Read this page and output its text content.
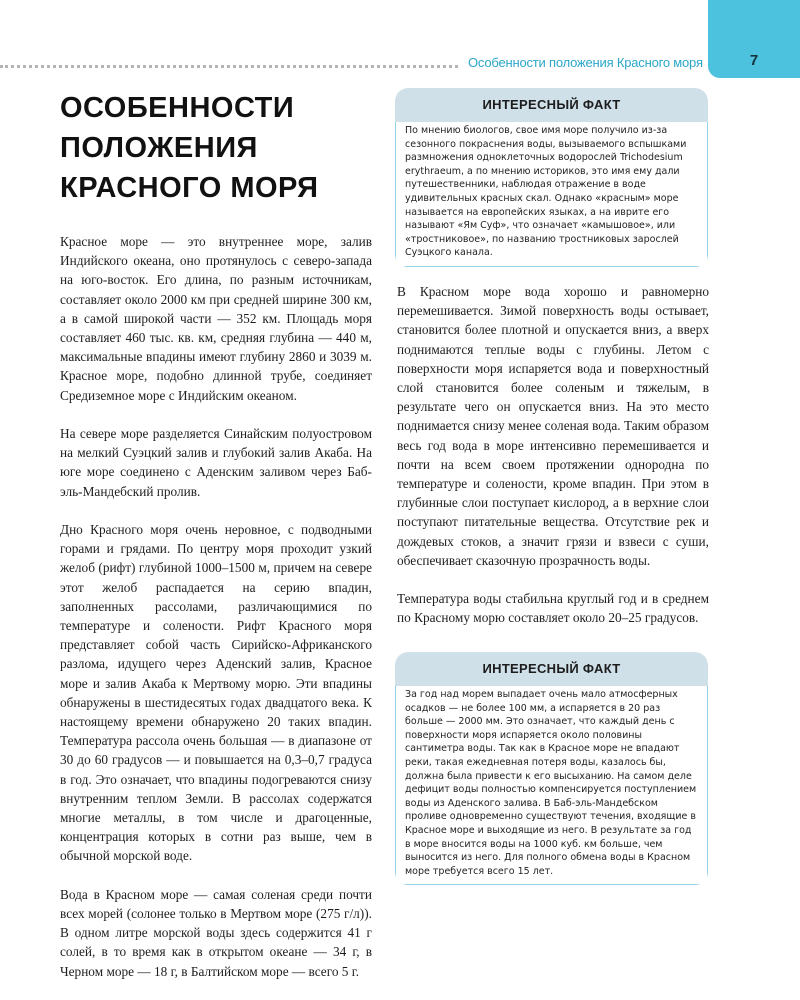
Особенности положения Красного моря	7
ОСОБЕННОСТИ ПОЛОЖЕНИЯ КРАСНОГО МОРЯ

Красное море — это внутреннее море, залив Индийского океана, оно протянулось с северо-запада на юго-восток. Его длина, по разным источникам, составляет около 2000 км при средней ширине 300 км, а в самой широкой части — 352 км. Площадь моря составляет 460 тыс. кв. км, средняя глубина — 440 м, максимальные впадины имеют глубину 2860 и 3039 м. Красное море, подобно длинной трубе, соединяет Средиземное море с Индийским океаном.

На севере море разделяется Синайским полуостровом на мелкий Суэцкий залив и глубокий залив Акаба. На юге море соединено с Аденским заливом через Баб-эль-Мандебский пролив.

Дно Красного моря очень неровное, с подводными горами и грядами. По центру моря проходит узкий желоб (рифт) глубиной 1000–1500 м, причем на севере этот желоб распадается на серию впадин, заполненных рассолами, различающимися по температуре и солености. Рифт Красного моря представляет собой часть Сирийско-Африканского разлома, идущего через Аденский залив, Красное море и залив Акаба к Мертвому морю. Эти впадины обнаружены в шестидесятых годах двадцатого века. К настоящему времени обнаружено 20 таких впадин. Температура рассола очень большая — в диапазоне от 30 до 60 градусов — и повышается на 0,3–0,7 градуса в год. Это означает, что впадины подогреваются снизу внутренним теплом Земли. В рассолах содержатся многие металлы, в том числе и драгоценные, концентрация которых в сотни раз выше, чем в обычной морской воде.

Вода в Красном море — самая соленая среди почти всех морей (солонее только в Мертвом море (275 г/л)). В одном литре морской воды здесь содержится 41 г солей, в то время как в открытом океане — 34 г, в Черном море — 18 г, в Балтийском море — всего 5 г.

ИНТЕРЕСНЫЙ ФАКТ
По мнению биологов, свое имя море получило из-за сезонного покраснения воды, вызываемого вспышками размножения одноклеточных водорослей Trichodesium erythraeum, а по мнению историков, это имя ему дали путешественники, наблюдая отражение в воде удивительных красных скал. Однако «красным» море называется на европейских языках, а на иврите его называют «Ям Суф», что означает «камышовое», или «тростниковое», по названию тростниковых зарослей Суэцкого канала.

В Красном море вода хорошо и равномерно перемешивается. Зимой поверхность воды остывает, становится более плотной и опускается вниз, а вверх поднимаются теплые воды с глубины. Летом с поверхности моря испаряется вода и поверхностный слой становится более соленым и тяжелым, в результате чего он опускается вниз. На это место поднимается снизу менее соленая вода. Таким образом весь год вода в море интенсивно перемешивается и почти на всем своем протяжении однородна по температуре и солености, кроме впадин. При этом в глубинные слои поступает кислород, а в верхние слои поступают питательные вещества. Отсутствие рек и дождевых стоков, а значит грязи и взвеси с суши, обеспечивает сказочную прозрачность воды.

Температура воды стабильна круглый год и в среднем по Красному морю составляет около 20–25 градусов.

ИНТЕРЕСНЫЙ ФАКТ
За год над морем выпадает очень мало атмосферных осадков — не более 100 мм, а испаряется в 20 раз больше — 2000 мм. Это означает, что каждый день с поверхности моря испаряется около половины сантиметра воды. Так как в Красное море не впадают реки, такая ежедневная потеря воды, казалось бы, должна была привести к его высыханию. На самом деле дефицит воды полностью компенсируется поступлением воды из Аденского залива. В Баб-эль-Мандебском проливе одновременно существуют течения, входящие в Красное море и выходящие из него. В результате за год в море вносится воды на 1000 куб. км больше, чем выносится из него. Для полного обмена воды в Красном море требуется всего 15 лет.
